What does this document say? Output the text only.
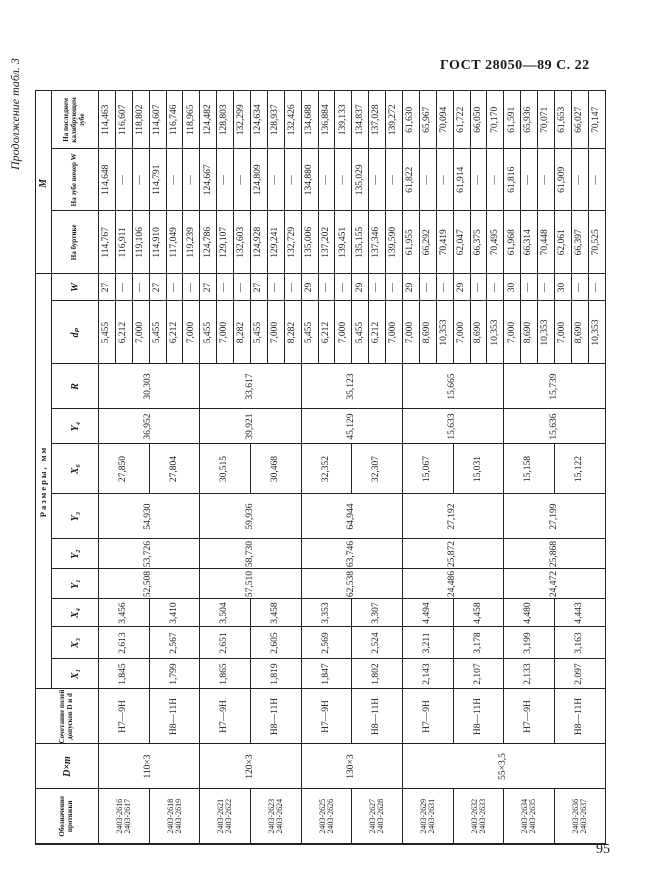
ГОСТ 28050—89 С. 22
95
Продолжение табл. 3
Обозначение протяжки	D×m	Сочетание полей допусков D и d	Размеры, мм											M		
			X₁	X₃	X₄	Y₁	Y₂	Y₃	X₆	Y₄	R	dₚ	W	На буртике	На зубе номер W	На последнем калибрующем зубе
2403-2616 2403-2617	110×3	H7—9H	1,845	2,613	3,456	52,508	53,726	54,930	27,850	36,952	30,303	5,455	27	114,767	114,648	114,463
												6,212	—	116,911	—	116,607
												7,000	—	119,106	—	118,802
2403-2618 2403-2619		H8—11H	1,799	2,567	3,410				27,804			5,455	27	114,910	114,791	114,607
												6,212	—	117,049	—	116,746
												7,000	—	119,239	—	118,965
2403-2621 2403-2622	120×3	H7—9H	1,865	2,651	3,504	57,510	58,730	59,936	30,515	39,921	33,617	5,455	27	124,786	124,667	124,482
												7,000	—	129,107	—	128,803
												8,282	—	132,603	—	132,299
2403-2623 2403-2624		H8—11H	1,819	2,605	3,458				30,468			5,455	27	124,928	124,809	124,634
												7,000	—	129,241	—	128,937
												8,282	—	132,729	—	132,426
2403-2625 2403-2626	130×3	H7—9H	1,847	2,569	3,353	62,538	63,746	64,944	32,352	45,129	35,123	5,455	29	135,006	134,880	134,688
												6,212	—	137,202	—	136,884
												7,000	—	139,451	—	139,133
2403-2627 2403-2628		H8—11H	1,802	2,524	3,307				32,307			5,455	29	135,155	135,029	134,837
												6,212	—	137,346	—	137,028
												7,000	—	139,590	—	139,272
2403-2629 2403-2631	55×3,5	H7—9H	2,143	3,211	4,494	24,486	25,872	27,192	15,067	15,633	15,665	7,000	29	61,955	61,822	61,630
												8,690	—	66,292	—	65,967
												10,353	—	70,419	—	70,094
2403-2632 2403-2633		H8—11H	2,107	3,178	4,458				15,031			7,000	29	62,047	61,914	61,722
												8,690	—	66,375	—	66,050
												10,353	—	70,495	—	70,170
2403-2634 2403-2635		H7—9H	2,133	3,199	4,480	24,472	25,868	27,199	15,158	15,636	15,739	7,000	30	61,968	61,816	61,591
												8,690	—	66,314	—	65,936
												10,353	—	70,448	—	70,071
2403-2636 2403-2637		H8—11H	2,097	3,163	4,443				15,122			7,000	30	62,061	61,909	61,653
												8,690	—	66,397	—	66,027
												10,353	—	70,525	—	70,147
